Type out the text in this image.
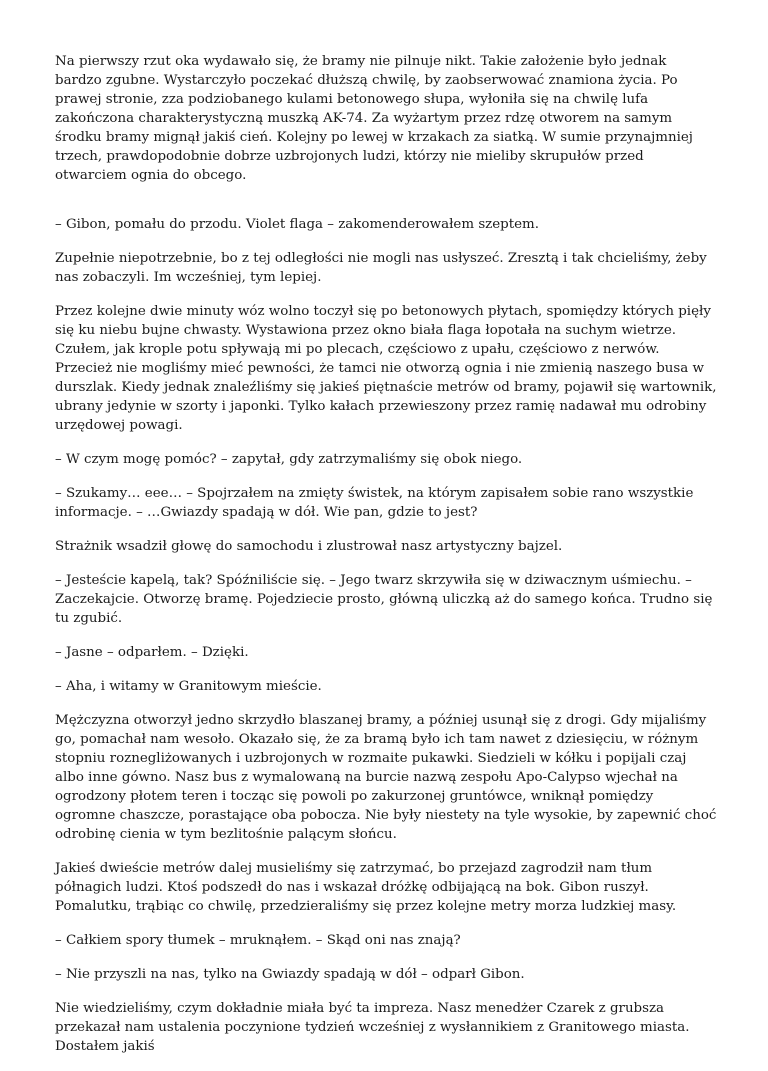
Na pierwszy rzut oka wydawało się, że bramy nie pilnuje nikt. Takie założenie było jednak bardzo zgubne. Wystarczyło poczekać dłuższą chwilę, by zaobserwować znamiona życia. Po prawej stronie, zza podziobanego kulami betonowego słupa, wyłoniła się na chwilę lufa zakończona charakterystyczną muszką AK-74. Za wyżartym przez rdzę otworem na samym środku bramy mignął jakiś cień. Kolejny po lewej w krzakach za siatką. W sumie przynajmniej trzech, prawdopodobnie dobrze uzbrojonych ludzi, którzy nie mieliby skrupułów przed otwarciem ognia do obcego.

– Gibon, pomału do przodu. Violet flaga – zakomenderowałem szeptem.

Zupełnie niepotrzebnie, bo z tej odległości nie mogli nas usłyszeć. Zresztą i tak chcieliśmy, żeby nas zobaczyli. Im wcześniej, tym lepiej.

Przez kolejne dwie minuty wóz wolno toczył się po betonowych płytach, spomiędzy których pięły się ku niebu bujne chwasty. Wystawiona przez okno biała flaga łopotała na suchym wietrze. Czułem, jak krople potu spływają mi po plecach, częściowo z upału, częściowo z nerwów. Przecież nie mogliśmy mieć pewności, że tamci nie otworzą ognia i nie zmienią naszego busa w durszlak. Kiedy jednak znaleźliśmy się jakieś piętnaście metrów od bramy, pojawił się wartownik, ubrany jedynie w szorty i japonki. Tylko kałach przewieszony przez ramię nadawał mu odrobiny urzędowej powagi.

– W czym mogę pomóc? – zapytał, gdy zatrzymaliśmy się obok niego.

– Szukamy… eee… – Spojrzałem na zmięty świstek, na którym zapisałem sobie rano wszystkie informacje. – …Gwiazdy spadają w dół. Wie pan, gdzie to jest?

Strażnik wsadził głowę do samochodu i zlustrował nasz artystyczny bajzel.

– Jesteście kapelą, tak? Spóźniliście się. – Jego twarz skrzywiła się w dziwacznym uśmiechu. – Zaczekajcie. Otworzę bramę. Pojedziecie prosto, główną uliczką aż do samego końca. Trudno się tu zgubić.

– Jasne – odparłem. – Dzięki.

– Aha, i witamy w Granitowym mieście.

Mężczyzna otworzył jedno skrzydło blaszanej bramy, a później usunął się z drogi. Gdy mijaliśmy go, pomachał nam wesoło. Okazało się, że za bramą było ich tam nawet z dziesięciu, w różnym stopniu roznegliżowanych i uzbrojonych w rozmaite pukawki. Siedzieli w kółku i popijali czaj albo inne gówno. Nasz bus z wymalowaną na burcie nazwą zespołu Apo-Calypso wjechał na ogrodzony płotem teren i tocząc się powoli po zakurzonej gruntówce, wniknął pomiędzy ogromne chaszcze, porastające oba pobocza. Nie były niestety na tyle wysokie, by zapewnić choć odrobinę cienia w tym bezlitośnie palącym słońcu.

Jakieś dwieście metrów dalej musieliśmy się zatrzymać, bo przejazd zagrodził nam tłum półnagich ludzi. Ktoś podszedł do nas i wskazał dróżkę odbijającą na bok. Gibon ruszył. Pomalutku, trąbiąc co chwilę, przedzieraliśmy się przez kolejne metry morza ludzkiej masy.

– Całkiem spory tłumek – mruknąłem. – Skąd oni nas znają?

– Nie przyszli na nas, tylko na Gwiazdy spadają w dół – odparł Gibon.

Nie wiedzieliśmy, czym dokładnie miała być ta impreza. Nasz menedżer Czarek z grubsza przekazał nam ustalenia poczynione tydzień wcześniej z wysłannikiem z Granitowego miasta. Dostałem jakiś
